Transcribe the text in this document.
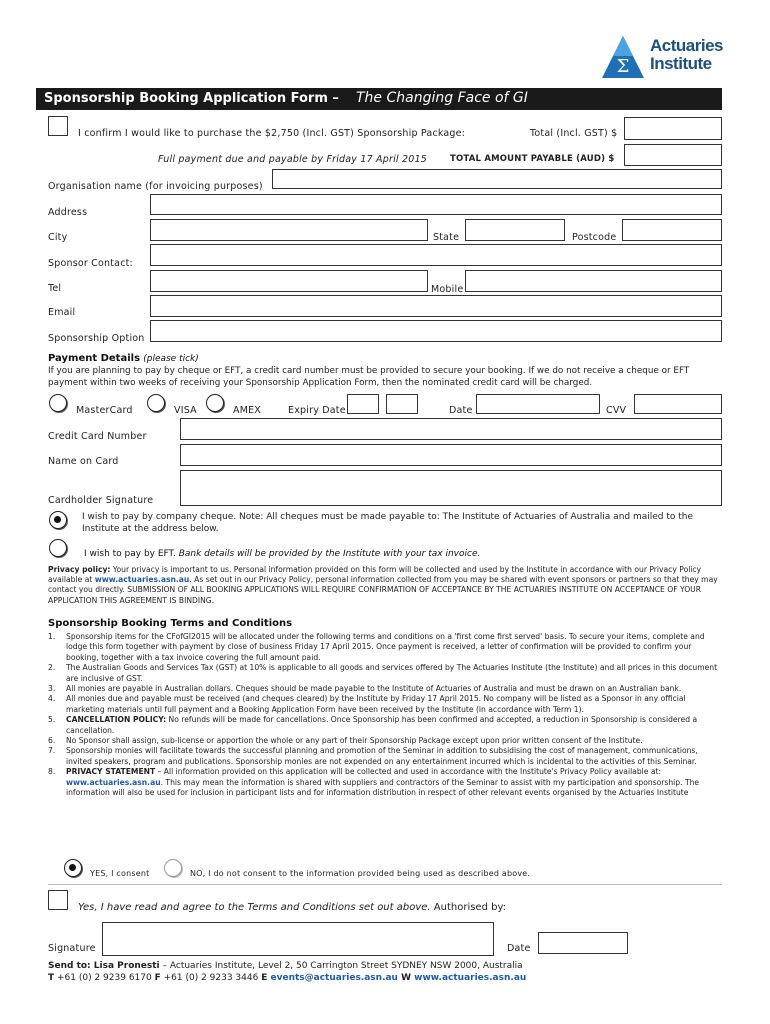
Σ
Actuaries
Institute
Sponsorship Booking Application Form – The Changing Face of GI
I confirm I would like to purchase the $2,750 (Incl. GST) Sponsorship Package:	Total (Incl. GST) $
Full payment due and payable by Friday 17 April 2015	TOTAL AMOUNT PAYABLE (AUD) $
Organisation name (for invoicing purposes)
Address
City	State	Postcode
Sponsor Contact:
Tel	Mobile
Email
Sponsorship Option
Payment Details (please tick)
If you are planning to pay by cheque or EFT, a credit card number must be provided to secure your booking. If we do not receive a cheque or EFT payment within two weeks of receiving your Sponsorship Application Form, then the nominated credit card will be charged.
MasterCard	VISA	AMEX	Expiry Date	Date	CVV
Credit Card Number
Name on Card
Cardholder Signature
I wish to pay by company cheque. Note: All cheques must be made payable to: The Institute of Actuaries of Australia and mailed to the Institute at the address below.
I wish to pay by EFT. Bank details will be provided by the Institute with your tax invoice.
Privacy policy: Your privacy is important to us. Personal information provided on this form will be collected and used by the Institute in accordance with our Privacy Policy available at www.actuaries.asn.au. As set out in our Privacy Policy, personal information collected from you may be shared with event sponsors or partners so that they may contact you directly. SUBMISSION OF ALL BOOKING APPLICATIONS WILL REQUIRE CONFIRMATION OF ACCEPTANCE BY THE ACTUARIES INSTITUTE ON ACCEPTANCE OF YOUR APPLICATION THIS AGREEMENT IS BINDING.
Sponsorship Booking Terms and Conditions
1. Sponsorship items for the CFofGI2015 will be allocated under the following terms and conditions on a 'first come first served' basis. To secure your items, complete and lodge this form together with payment by close of business Friday 17 April 2015. Once payment is received, a letter of confirmation will be provided to confirm your booking, together with a tax invoice covering the full amount paid.
2. The Australian Goods and Services Tax (GST) at 10% is applicable to all goods and services offered by The Actuaries Institute (the Institute) and all prices in this document are inclusive of GST.
3. All monies are payable in Australian dollars. Cheques should be made payable to the Institute of Actuaries of Australia and must be drawn on an Australian bank.
4. All monies due and payable must be received (and cheques cleared) by the Institute by Friday 17 April 2015. No company will be listed as a Sponsor in any official marketing materials until full payment and a Booking Application Form have been received by the Institute (in accordance with Term 1).
5. CANCELLATION POLICY: No refunds will be made for cancellations. Once Sponsorship has been confirmed and accepted, a reduction in Sponsorship is considered a cancellation.
6. No Sponsor shall assign, sub-license or apportion the whole or any part of their Sponsorship Package except upon prior written consent of the Institute.
7. Sponsorship monies will facilitate towards the successful planning and promotion of the Seminar in addition to subsidising the cost of management, communications, invited speakers, program and publications. Sponsorship monies are not expended on any entertainment incurred which is incidental to the activities of this Seminar.
8. PRIVACY STATEMENT – All information provided on this application will be collected and used in accordance with the Institute's Privacy Policy available at: www.actuaries.asn.au. This may mean the information is shared with suppliers and contractors of the Seminar to assist with my participation and sponsorship. The information will also be used for inclusion in participant lists and for information distribution in respect of other relevant events organised by the Actuaries Institute
YES, I consent	NO, I do not consent to the information provided being used as described above.
Yes, I have read and agree to the Terms and Conditions set out above. Authorised by:
Signature	Date
Send to: Lisa Pronesti – Actuaries Institute, Level 2, 50 Carrington Street SYDNEY NSW 2000, Australia
T +61 (0) 2 9239 6170 F +61 (0) 2 9233 3446 E events@actuaries.asn.au W www.actuaries.asn.au
